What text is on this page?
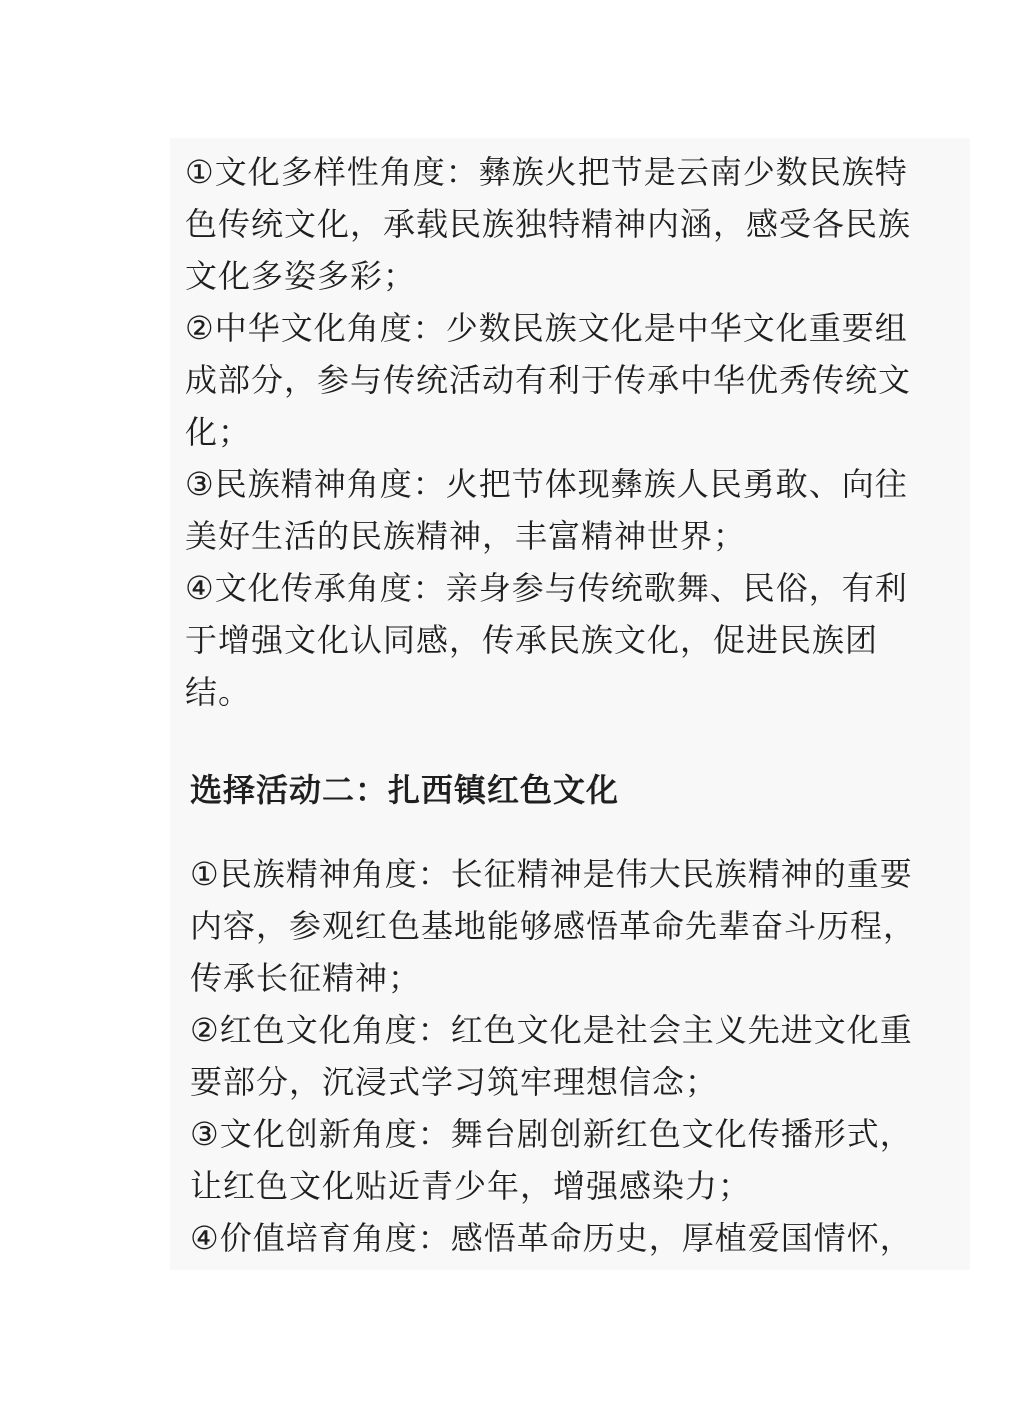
①文化多样性角度：彝族火把节是云南少数民族特
色传统文化，承载民族独特精神内涵，感受各民族
文化多姿多彩；
②中华文化角度：少数民族文化是中华文化重要组
成部分，参与传统活动有利于传承中华优秀传统文
化；
③民族精神角度：火把节体现彝族人民勇敢、向往
美好生活的民族精神，丰富精神世界；
④文化传承角度：亲身参与传统歌舞、民俗，有利
于增强文化认同感，传承民族文化，促进民族团
结。
选择活动二：扎西镇红色文化
①民族精神角度：长征精神是伟大民族精神的重要
内容，参观红色基地能够感悟革命先辈奋斗历程，
传承长征精神；
②红色文化角度：红色文化是社会主义先进文化重
要部分，沉浸式学习筑牢理想信念；
③文化创新角度：舞台剧创新红色文化传播形式，
让红色文化贴近青少年，增强感染力；
④价值培育角度：感悟革命历史，厚植爱国情怀，
